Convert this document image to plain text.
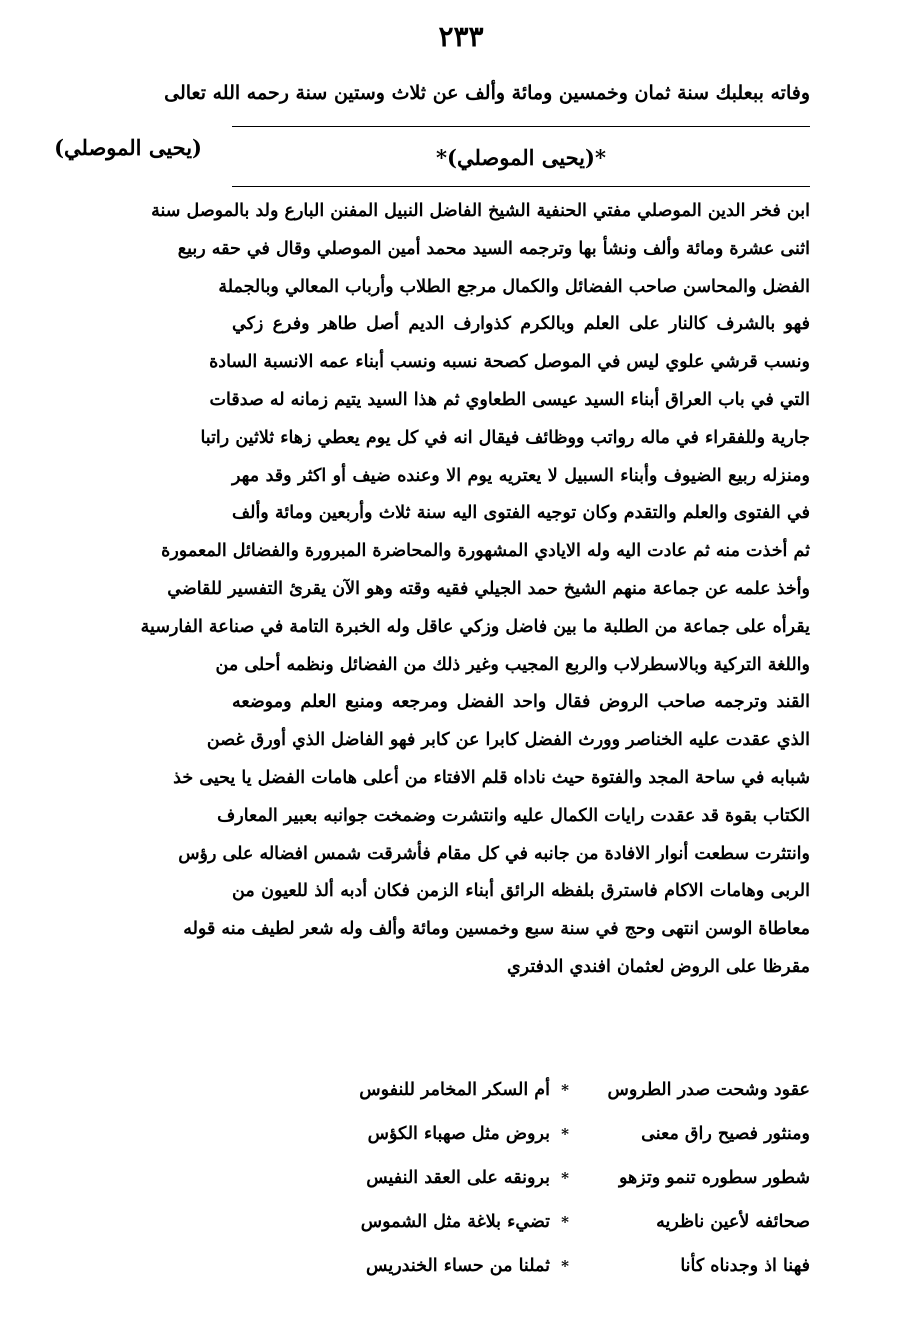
٢٣٣
وفاته ببعلبك سنة ثمان وخمسين ومائة وألف عن ثلاث وستين سنة رحمه الله تعالى
(يحيى الموصلي)	*(يحيى الموصلي)*
ابن فخر الدين الموصلي مفتي الحنفية الشيخ الفاضل النبيل المفنن البارع ولد بالموصل سنة
اثنى عشرة ومائة وألف ونشأ بها وترجمه السيد محمد أمين الموصلي وقال في حقه ربيع
الفضل والمحاسن صاحب الفضائل والكمال مرجع الطلاب وأرباب المعالي وبالجملة
فهو بالشرف كالنار على العلم وبالكرم كذوارف الديم أصل طاهر وفرع زكي
ونسب قرشي علوي ليس في الموصل كصحة نسبه ونسب أبناء عمه الانسبة السادة
التي في باب العراق أبناء السيد عيسى الطعاوي ثم هذا السيد يتيم زمانه له صدقات
جارية وللفقراء في ماله رواتب ووظائف فيقال انه في كل يوم يعطي زهاء ثلاثين راتبا
ومنزله ربيع الضيوف وأبناء السبيل لا يعتريه يوم الا وعنده ضيف أو اكثر وقد مهر
في الفتوى والعلم والتقدم وكان توجيه الفتوى اليه سنة ثلاث وأربعين ومائة وألف
ثم أخذت منه ثم عادت اليه وله الايادي المشهورة والمحاضرة المبرورة والفضائل المعمورة
وأخذ علمه عن جماعة منهم الشيخ حمد الجيلي فقيه وقته وهو الآن يقرئ التفسير للقاضي
يقرأه على جماعة من الطلبة ما بين فاضل وزكي عاقل وله الخبرة التامة في صناعة الفارسية
واللغة التركية وبالاسطرلاب والربع المجيب وغير ذلك من الفضائل ونظمه أحلى من
القند وترجمه صاحب الروض فقال واحد الفضل ومرجعه ومنبع العلم وموضعه
الذي عقدت عليه الخناصر وورث الفضل كابرا عن كابر فهو الفاضل الذي أورق غصن
شبابه في ساحة المجد والفتوة حيث ناداه قلم الافتاء من أعلى هامات الفضل يا يحيى خذ
الكتاب بقوة قد عقدت رايات الكمال عليه وانتشرت وضمخت جوانبه بعبير المعارف
وانتثرت سطعت أنوار الافادة من جانبه في كل مقام فأشرقت شمس افضاله على رؤس
الربى وهامات الاكام فاسترق بلفظه الرائق أبناء الزمن فكان أدبه ألذ للعيون من
معاطاة الوسن انتهى وحج في سنة سبع وخمسين ومائة وألف وله شعر لطيف منه قوله
مقرظا على الروض لعثمان افندي الدفتري
عقود وشحت صدر الطروس
*
أم السكر المخامر للنفوس
ومنثور فصيح راق معنى
*
بروض مثل صهباء الكؤس
شطور سطوره تنمو وتزهو
*
برونقه على العقد النفيس
صحائفه لأعين ناظريه
*
تضيء بلاغة مثل الشموس
فهنا اذ وجدناه كأنا
*
ثملنا من حساء الخندريس
